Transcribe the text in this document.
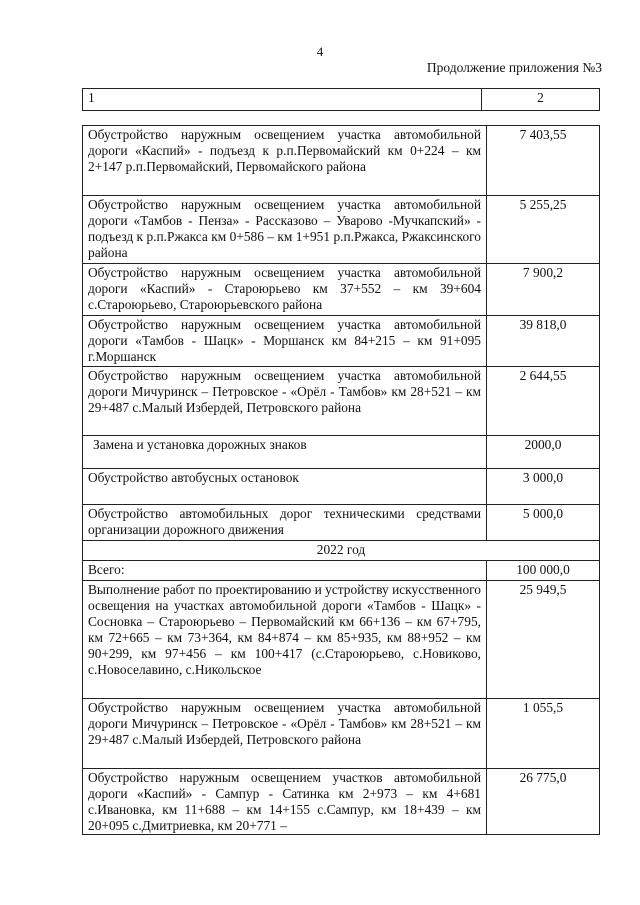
4
Продолжение приложения №3
1	2
Обустройство наружным освещением участка автомобильной дороги «Каспий» - подъезд к р.п.Первомайский км 0+224 – км 2+147 р.п.Первомайский, Первомайского района	7 403,55
Обустройство наружным освещением участка автомобильной дороги «Тамбов - Пенза» - Рассказово – Уварово -Мучкапский» - подъезд к р.п.Ржакса км 0+586 – км 1+951 р.п.Ржакса, Ржаксинского района	5 255,25
Обустройство наружным освещением участка автомобильной дороги «Каспий» - Староюрьево км 37+552 – км 39+604 с.Староюрьево, Староюрьевского района	7 900,2
Обустройство наружным освещением участка автомобильной дороги «Тамбов - Шацк» - Моршанск км 84+215 – км 91+095 г.Моршанск	39 818,0
Обустройство наружным освещением участка автомобильной дороги Мичуринск – Петровское - «Орёл - Тамбов» км 28+521 – км 29+487 с.Малый Избердей, Петровского района	2 644,55
Замена и установка дорожных знаков	2000,0
Обустройство автобусных остановок	3 000,0
Обустройство автомобильных дорог техническими средствами организации дорожного движения	5 000,0
2022 год	
Всего:	100 000,0
Выполнение работ по проектированию и устройству искусственного освещения на участках автомобильной дороги «Тамбов - Шацк» - Сосновка – Староюрьево – Первомайский км 66+136 – км 67+795, км 72+665 – км 73+364, км 84+874 – км 85+935, км 88+952 – км 90+299, км 97+456 – км 100+417 (с.Староюрьево, с.Новиково, с.Новоселавино, с.Никольское	25 949,5
Обустройство наружным освещением участка автомобильной дороги Мичуринск – Петровское - «Орёл - Тамбов» км 28+521 – км 29+487 с.Малый Избердей, Петровского района	1 055,5
Обустройство наружным освещением участков автомобильной дороги «Каспий» - Сампур - Сатинка км 2+973 – км 4+681 с.Ивановка, км 11+688 – км 14+155 с.Сампур, км 18+439 – км 20+095 с.Дмитриевка, км 20+771 –	26 775,0
